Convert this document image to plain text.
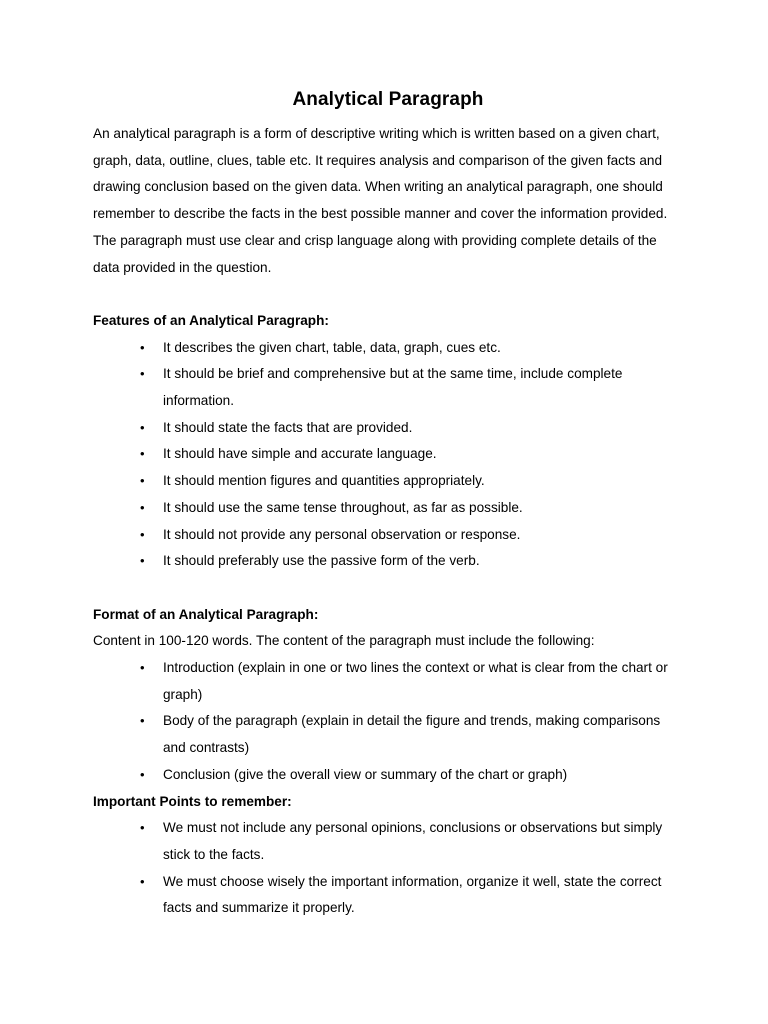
Analytical Paragraph

An analytical paragraph is a form of descriptive writing which is written based on a given chart, graph, data, outline, clues, table etc. It requires analysis and comparison of the given facts and drawing conclusion based on the given data. When writing an analytical paragraph, one should remember to describe the facts in the best possible manner and cover the information provided. The paragraph must use clear and crisp language along with providing complete details of the data provided in the question.

Features of an Analytical Paragraph:

• It describes the given chart, table, data, graph, cues etc.
• It should be brief and comprehensive but at the same time, include complete information.
• It should state the facts that are provided.
• It should have simple and accurate language.
• It should mention figures and quantities appropriately.
• It should use the same tense throughout, as far as possible.
• It should not provide any personal observation or response.
• It should preferably use the passive form of the verb.

Format of an Analytical Paragraph:

Content in 100-120 words. The content of the paragraph must include the following:

• Introduction (explain in one or two lines the context or what is clear from the chart or graph)
• Body of the paragraph (explain in detail the figure and trends, making comparisons and contrasts)
• Conclusion (give the overall view or summary of the chart or graph)

Important Points to remember:

• We must not include any personal opinions, conclusions or observations but simply stick to the facts.
• We must choose wisely the important information, organize it well, state the correct facts and summarize it properly.
